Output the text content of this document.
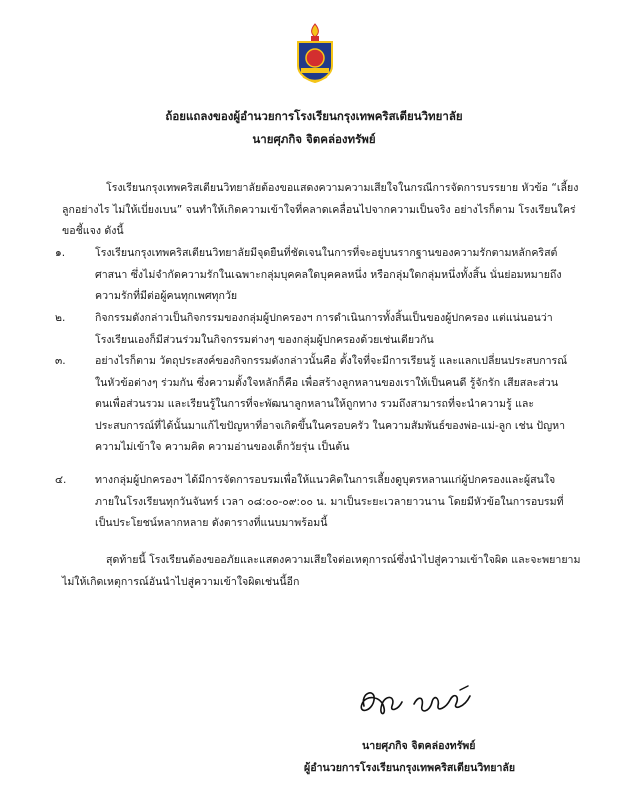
ถ้อยแถลงของผู้อำนวยการโรงเรียนกรุงเทพคริสเตียนวิทยาลัย
นายศุภกิจ จิตคล่องทรัพย์
โรงเรียนกรุงเทพคริสเตียนวิทยาลัยต้องขอแสดงความความเสียใจในกรณีการจัดการบรรยาย หัวข้อ “เลี้ยงลูกอย่างไร ไม่ให้เบี่ยงเบน” จนทำให้เกิดความเข้าใจที่คลาดเคลื่อนไปจากความเป็นจริง อย่างไรก็ตาม โรงเรียนใคร่ขอชี้แจง ดังนี้
๑.	โรงเรียนกรุงเทพคริสเตียนวิทยาลัยมีจุดยืนที่ชัดเจนในการที่จะอยู่บนรากฐานของความรักตามหลักคริสต์ศาสนา ซึ่งไม่จำกัดความรักในเฉพาะกลุ่มบุคคลใดบุคคลหนึ่ง หรือกลุ่มใดกลุ่มหนึ่งทั้งสิ้น นั่นย่อมหมายถึงความรักที่มีต่อผู้คนทุกเพศทุกวัย
๒.	กิจกรรมดังกล่าวเป็นกิจกรรมของกลุ่มผู้ปกครองฯ การดำเนินการทั้งสิ้นเป็นของผู้ปกครอง แต่แน่นอนว่าโรงเรียนเองก็มีส่วนร่วมในกิจกรรมต่างๆ ของกลุ่มผู้ปกครองด้วยเช่นเดียวกัน
๓.	อย่างไรก็ตาม วัตถุประสงค์ของกิจกรรมดังกล่าวนั้นคือ ตั้งใจที่จะมีการเรียนรู้ และแลกเปลี่ยนประสบการณ์ในหัวข้อต่างๆ ร่วมกัน ซึ่งความตั้งใจหลักก็คือ เพื่อสร้างลูกหลานของเราให้เป็นคนดี รู้จักรัก เสียสละส่วนตนเพื่อส่วนรวม และเรียนรู้ในการที่จะพัฒนาลูกหลานให้ถูกทาง รวมถึงสามารถที่จะนำความรู้ และประสบการณ์ที่ได้นั้นมาแก้ไขปัญหาที่อาจเกิดขึ้นในครอบครัว ในความสัมพันธ์ของพ่อ-แม่-ลูก เช่น ปัญหาความไม่เข้าใจ ความคิด ความอ่านของเด็กวัยรุ่น เป็นต้น
๔.	ทางกลุ่มผู้ปกครองฯ ได้มีการจัดการอบรมเพื่อให้แนวคิดในการเลี้ยงดูบุตรหลานแก่ผู้ปกครองและผู้สนใจภายในโรงเรียนทุกวันจันทร์ เวลา ๐๘:๐๐-๐๙:๐๐ น. มาเป็นระยะเวลายาวนาน โดยมีหัวข้อในการอบรมที่เป็นประโยชน์หลากหลาย ดังตารางที่แนบมาพร้อมนี้
สุดท้ายนี้ โรงเรียนต้องขออภัยและแสดงความเสียใจต่อเหตุการณ์ซึ่งนำไปสู่ความเข้าใจผิด และจะพยายามไม่ให้เกิดเหตุการณ์อันนำไปสู่ความเข้าใจผิดเช่นนี้อีก
นายศุภกิจ จิตคล่องทรัพย์
ผู้อำนวยการโรงเรียนกรุงเทพคริสเตียนวิทยาลัย
